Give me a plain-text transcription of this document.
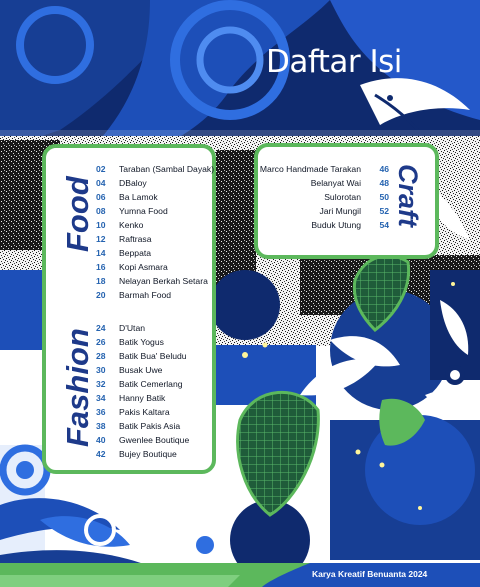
Daftar Isi
Food
Fashion
02	Taraban (Sambal Dayak)
04	DBaloy
06	Ba Lamok
08	Yumna Food
10	Kenko
12	Raftrasa
14	Beppata
16	Kopi Asmara
18	Nelayan Berkah Setara
20	Barmah Food
24	D'Utan
26	Batik Yogus
28	Batik Bua' Beludu
30	Busak Uwe
32	Batik Cemerlang
34	Hanny Batik
36	Pakis Kaltara
38	Batik Pakis Asia
40	Gwenlee Boutique
42	Bujey Boutique
Marco Handmade Tarakan	46
Belanyat Wai	48
Sulorotan	50
Jari Mungil	52
Buduk Utung	54 Craft
Karya Kreatif Benuanta 2024
